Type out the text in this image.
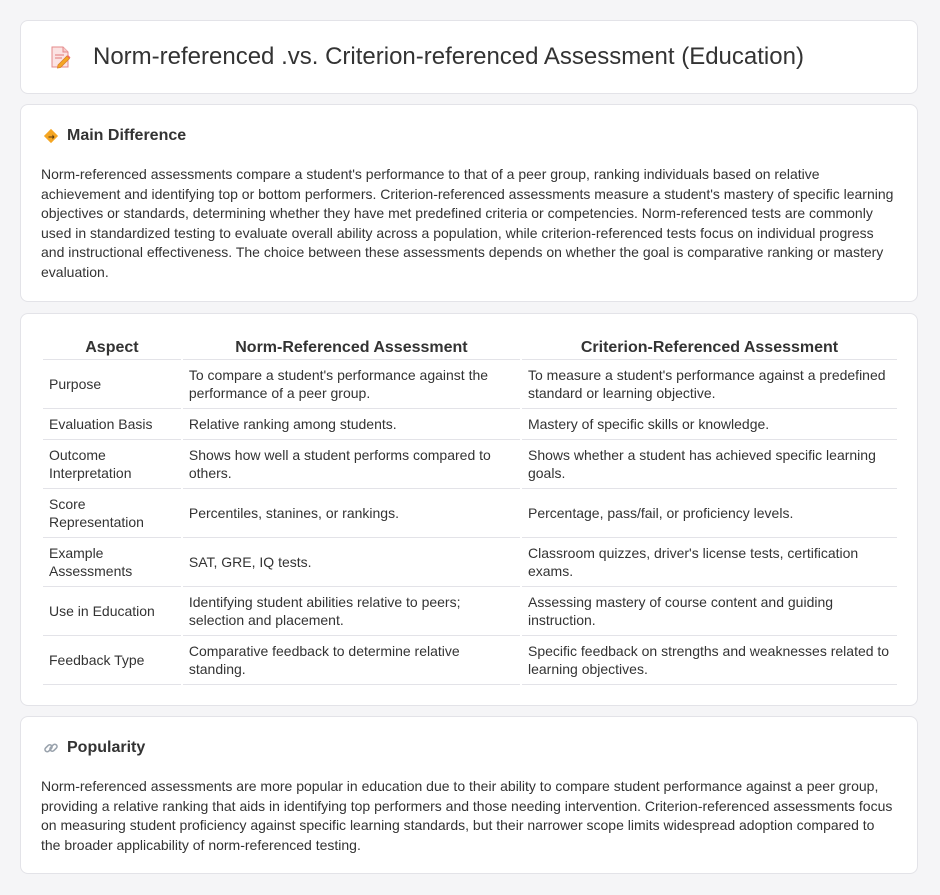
Norm-referenced .vs. Criterion-referenced Assessment (Education)
Main Difference

Norm-referenced assessments compare a student's performance to that of a peer group, ranking individuals based on relative achievement and identifying top or bottom performers. Criterion-referenced assessments measure a student's mastery of specific learning objectives or standards, determining whether they have met predefined criteria or competencies. Norm-referenced tests are commonly used in standardized testing to evaluate overall ability across a population, while criterion-referenced tests focus on individual progress and instructional effectiveness. The choice between these assessments depends on whether the goal is comparative ranking or mastery evaluation.

Aspect	Norm-Referenced Assessment	Criterion-Referenced Assessment
Purpose	To compare a student's performance against the performance of a peer group.	To measure a student's performance against a predefined standard or learning objective.
Evaluation Basis	Relative ranking among students.	Mastery of specific skills or knowledge.
Outcome Interpretation	Shows how well a student performs compared to others.	Shows whether a student has achieved specific learning goals.
Score Representation	Percentiles, stanines, or rankings.	Percentage, pass/fail, or proficiency levels.
Example Assessments	SAT, GRE, IQ tests.	Classroom quizzes, driver's license tests, certification exams.
Use in Education	Identifying student abilities relative to peers; selection and placement.	Assessing mastery of course content and guiding instruction.
Feedback Type	Comparative feedback to determine relative standing.	Specific feedback on strengths and weaknesses related to learning objectives.
Popularity

Norm-referenced assessments are more popular in education due to their ability to compare student performance against a peer group, providing a relative ranking that aids in identifying top performers and those needing intervention. Criterion-referenced assessments focus on measuring student proficiency against specific learning standards, but their narrower scope limits widespread adoption compared to the broader applicability of norm-referenced testing.
